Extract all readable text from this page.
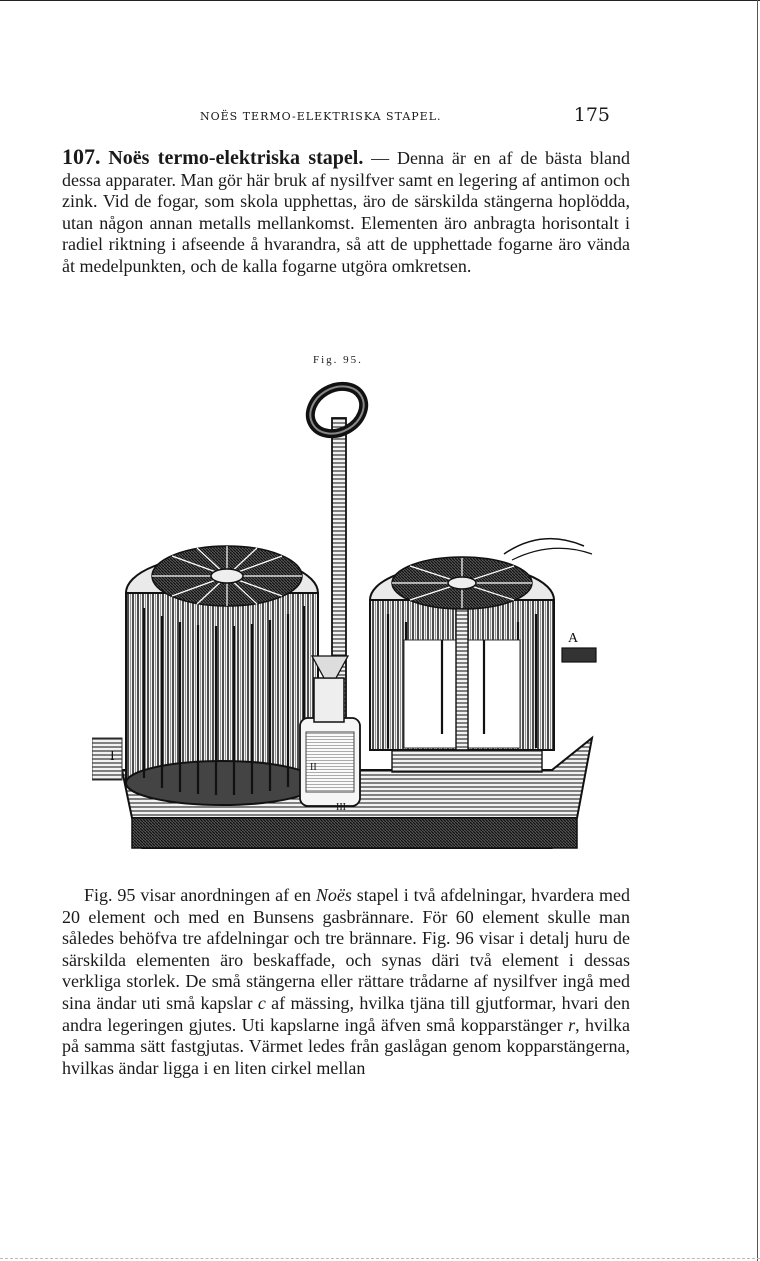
NOËS TERMO-ELEKTRISKA STAPEL.	175

107. Noës termo-elektriska stapel. — Denna är en af de bästa bland dessa apparater. Man gör här bruk af nysilfver samt en legering af antimon och zink. Vid de fogar, som skola upphettas, äro de särskilda stängerna hoplödda, utan någon annan metalls mellankomst. Elementen äro anbragta horisontalt i radiel riktning i afseende å hvarandra, så att de upphettade fogarne äro vända åt medelpunkten, och de kalla fogarne utgöra omkretsen.

Fig. 95.
II
III
A
I

Fig. 95 visar anordningen af en Noës stapel i två afdelningar, hvardera med 20 element och med en Bunsens gasbrännare. För 60 element skulle man således behöfva tre afdelningar och tre brännare. Fig. 96 visar i detalj huru de särskilda elementen äro beskaffade, och synas däri två element i dessas verkliga storlek. De små stängerna eller rättare trådarne af nysilfver ingå med sina ändar uti små kapslar c af mässing, hvilka tjäna till gjutformar, hvari den andra legeringen gjutes. Uti kapslarne ingå äfven små kopparstänger r, hvilka på samma sätt fastgjutas. Värmet ledes från gaslågan genom kopparstängerna, hvilkas ändar ligga i en liten cirkel mellan
